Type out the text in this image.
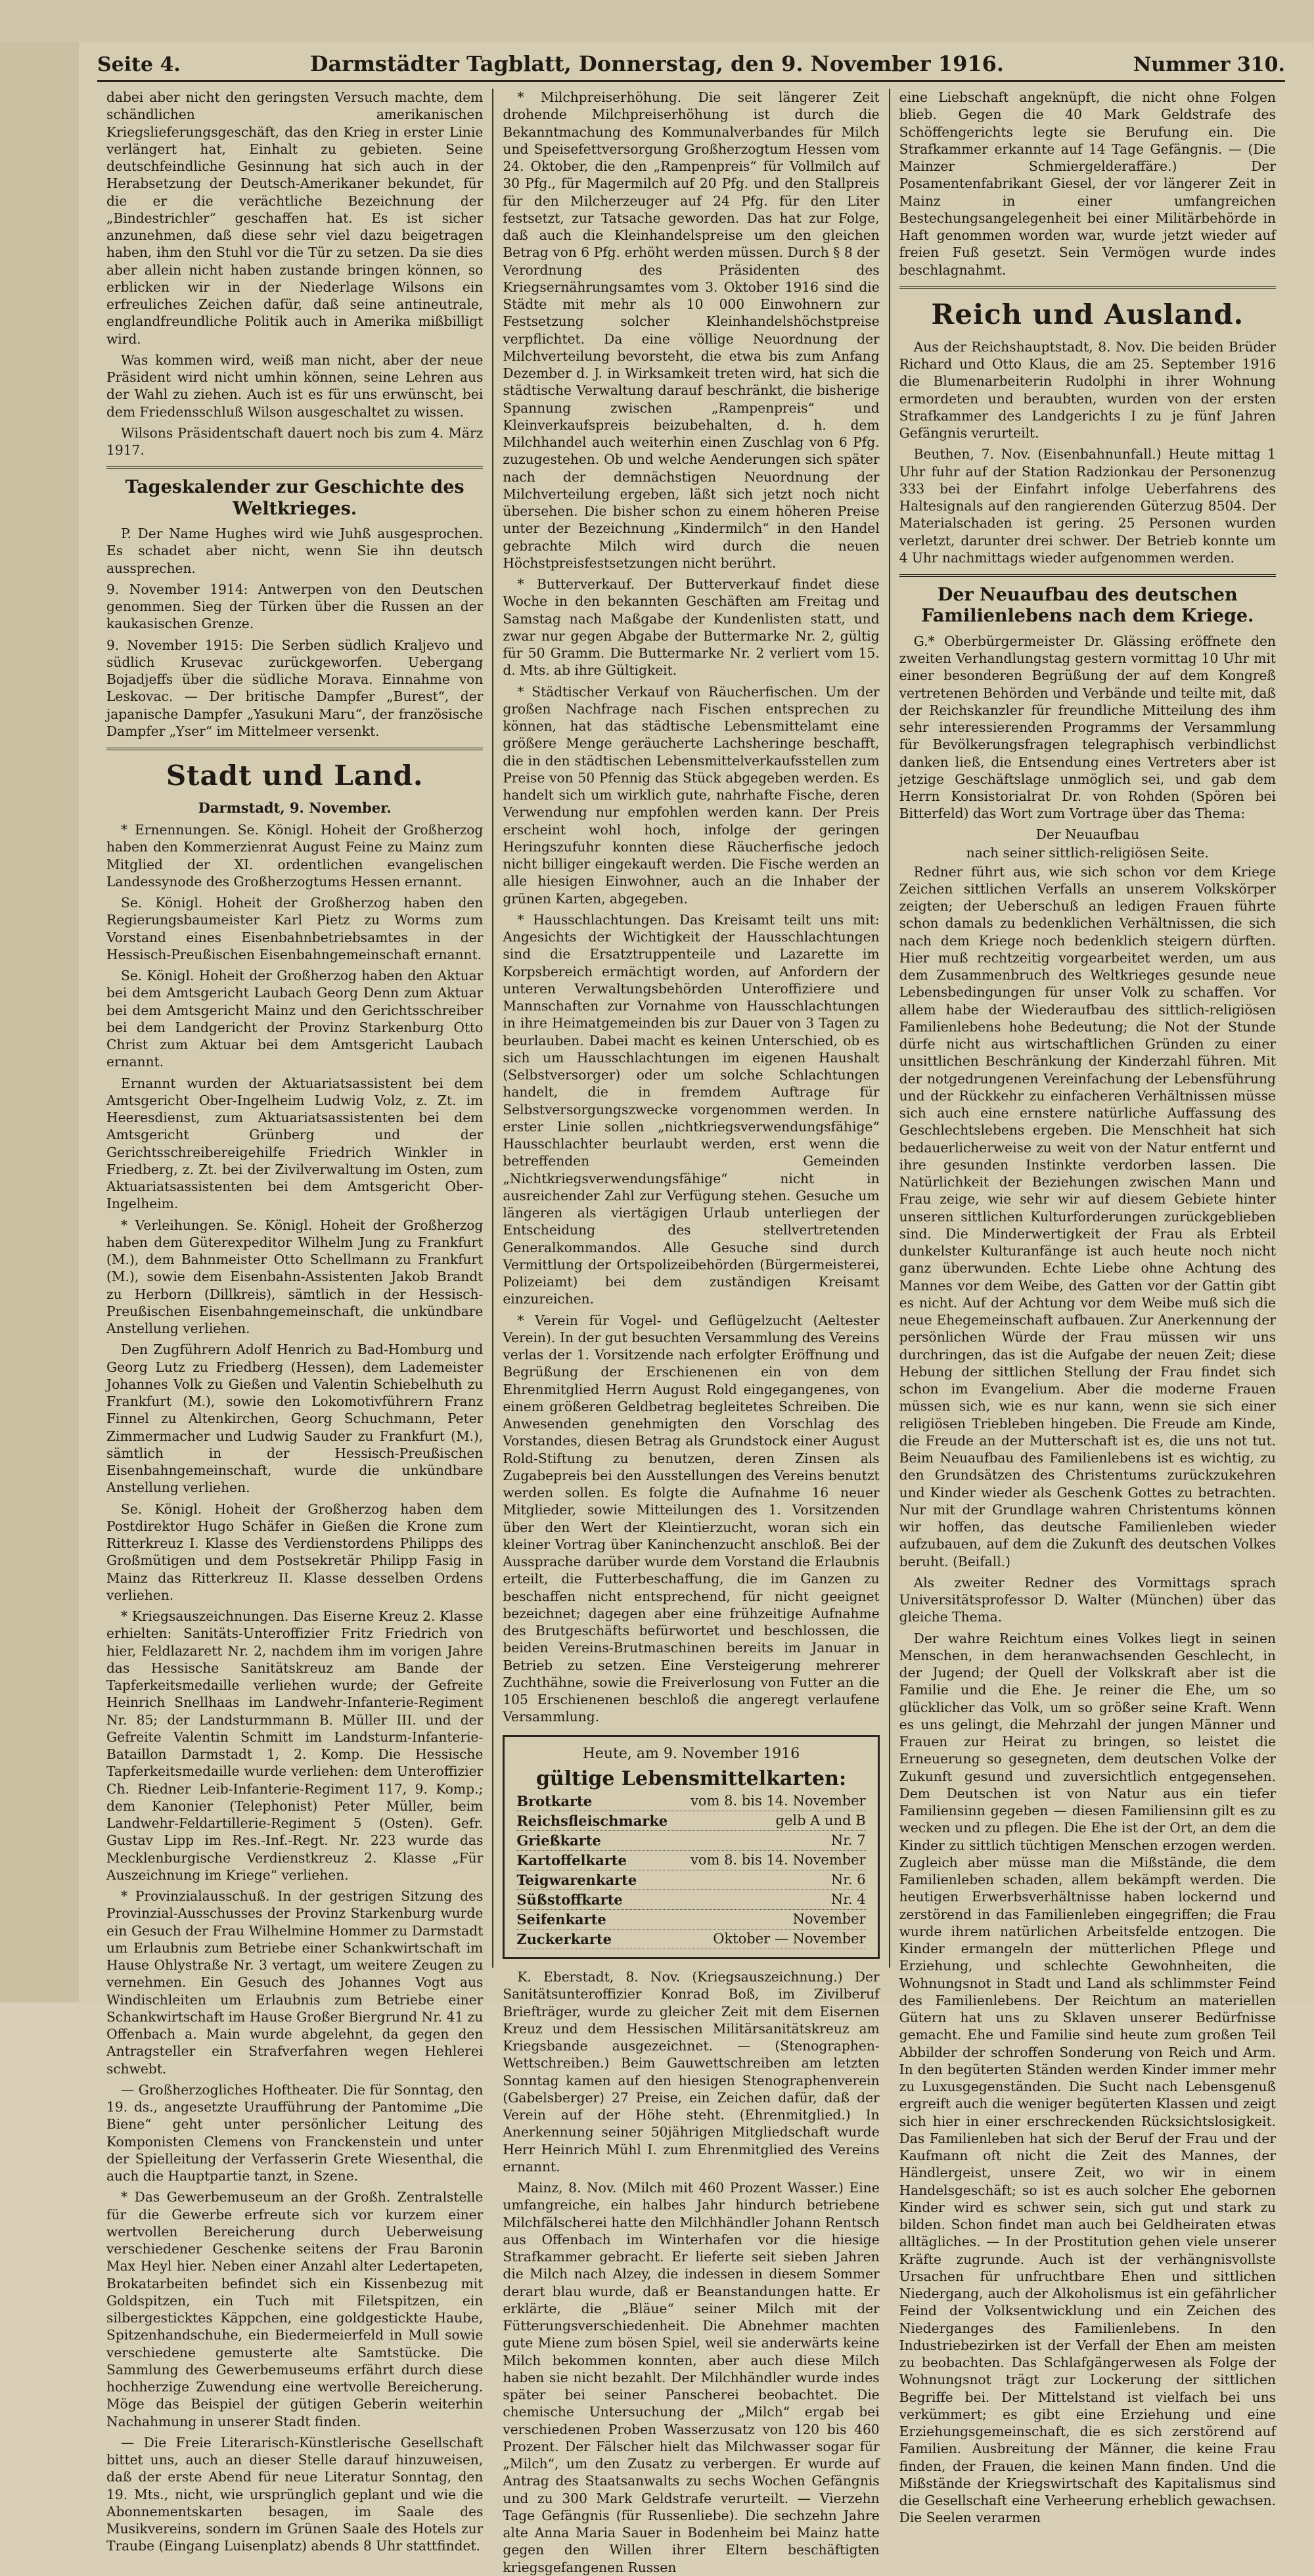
Seite 4.	Darmstädter Tagblatt, Donnerstag, den 9. November 1916.	Nummer 310.

dabei aber nicht den geringsten Versuch machte, dem schändlichen amerikanischen Kriegslieferungsgeschäft, das den Krieg in erster Linie verlängert hat, Einhalt zu gebieten. Seine deutschfeindliche Gesinnung hat sich auch in der Herabsetzung der Deutsch-Amerikaner bekundet, für die er die verächtliche Bezeichnung der „Bindestrichler“ geschaffen hat. Es ist sicher anzunehmen, daß diese sehr viel dazu beigetragen haben, ihm den Stuhl vor die Tür zu setzen. Da sie dies aber allein nicht haben zustande bringen können, so erblicken wir in der Niederlage Wilsons ein erfreuliches Zeichen dafür, daß seine antineutrale, englandfreundliche Politik auch in Amerika mißbilligt wird.

Was kommen wird, weiß man nicht, aber der neue Präsident wird nicht umhin können, seine Lehren aus der Wahl zu ziehen. Auch ist es für uns erwünscht, bei dem Friedensschluß Wilson ausgeschaltet zu wissen.

Wilsons Präsidentschaft dauert noch bis zum 4. März 1917.

Tageskalender zur Geschichte des Weltkrieges.

P. Der Name Hughes wird wie Juhß ausgesprochen. Es schadet aber nicht, wenn Sie ihn deutsch aussprechen.

9. November 1914: Antwerpen von den Deutschen genommen. Sieg der Türken über die Russen an der kaukasischen Grenze.

9. November 1915: Die Serben südlich Kraljevo und südlich Krusevac zurückgeworfen. Uebergang Bojadjeffs über die südliche Morava. Einnahme von Leskovac. — Der britische Dampfer „Burest“, der japanische Dampfer „Yasukuni Maru“, der französische Dampfer „Yser“ im Mittelmeer versenkt.

Stadt und Land.
Darmstadt, 9. November.

* Ernennungen. Se. Königl. Hoheit der Großherzog haben den Kommerzienrat August Feine zu Mainz zum Mitglied der XI. ordentlichen evangelischen Landessynode des Großherzogtums Hessen ernannt.

Se. Königl. Hoheit der Großherzog haben den Regierungsbaumeister Karl Pietz zu Worms zum Vorstand eines Eisenbahnbetriebsamtes in der Hessisch-Preußischen Eisenbahngemeinschaft ernannt.

Se. Königl. Hoheit der Großherzog haben den Aktuar bei dem Amtsgericht Laubach Georg Denn zum Aktuar bei dem Amtsgericht Mainz und den Gerichtsschreiber bei dem Landgericht der Provinz Starkenburg Otto Christ zum Aktuar bei dem Amtsgericht Laubach ernannt.

Ernannt wurden der Aktuariatsassistent bei dem Amtsgericht Ober-Ingelheim Ludwig Volz, z. Zt. im Heeresdienst, zum Aktuariatsassistenten bei dem Amtsgericht Grünberg und der Gerichtsschreibereigehilfe Friedrich Winkler in Friedberg, z. Zt. bei der Zivilverwaltung im Osten, zum Aktuariatsassistenten bei dem Amtsgericht Ober-Ingelheim.

* Verleihungen. Se. Königl. Hoheit der Großherzog haben dem Güterexpeditor Wilhelm Jung zu Frankfurt (M.), dem Bahnmeister Otto Schellmann zu Frankfurt (M.), sowie dem Eisenbahn-Assistenten Jakob Brandt zu Herborn (Dillkreis), sämtlich in der Hessisch-Preußischen Eisenbahngemeinschaft, die unkündbare Anstellung verliehen.

Den Zugführern Adolf Henrich zu Bad-Homburg und Georg Lutz zu Friedberg (Hessen), dem Lademeister Johannes Volk zu Gießen und Valentin Schiebelhuth zu Frankfurt (M.), sowie den Lokomotivführern Franz Finnel zu Altenkirchen, Georg Schuchmann, Peter Zimmermacher und Ludwig Sauder zu Frankfurt (M.), sämtlich in der Hessisch-Preußischen Eisenbahngemeinschaft, wurde die unkündbare Anstellung verliehen.

Se. Königl. Hoheit der Großherzog haben dem Postdirektor Hugo Schäfer in Gießen die Krone zum Ritterkreuz I. Klasse des Verdienstordens Philipps des Großmütigen und dem Postsekretär Philipp Fasig in Mainz das Ritterkreuz II. Klasse desselben Ordens verliehen.

* Kriegsauszeichnungen. Das Eiserne Kreuz 2. Klasse erhielten: Sanitäts-Unteroffizier Fritz Friedrich von hier, Feldlazarett Nr. 2, nachdem ihm im vorigen Jahre das Hessische Sanitätskreuz am Bande der Tapferkeitsmedaille verliehen wurde; der Gefreite Heinrich Snellhaas im Landwehr-Infanterie-Regiment Nr. 85; der Landsturmmann B. Müller III. und der Gefreite Valentin Schmitt im Landsturm-Infanterie-Bataillon Darmstadt 1, 2. Komp. Die Hessische Tapferkeitsmedaille wurde verliehen: dem Unteroffizier Ch. Riedner Leib-Infanterie-Regiment 117, 9. Komp.; dem Kanonier (Telephonist) Peter Müller, beim Landwehr-Feldartillerie-Regiment 5 (Osten). Gefr. Gustav Lipp im Res.-Inf.-Regt. Nr. 223 wurde das Mecklenburgische Verdienstkreuz 2. Klasse „Für Auszeichnung im Kriege“ verliehen.

* Provinzialausschuß. In der gestrigen Sitzung des Provinzial-Ausschusses der Provinz Starkenburg wurde ein Gesuch der Frau Wilhelmine Hommer zu Darmstadt um Erlaubnis zum Betriebe einer Schankwirtschaft im Hause Ohlystraße Nr. 3 vertagt, um weitere Zeugen zu vernehmen. Ein Gesuch des Johannes Vogt aus Windischleiten um Erlaubnis zum Betriebe einer Schankwirtschaft im Hause Großer Biergrund Nr. 41 zu Offenbach a. Main wurde abgelehnt, da gegen den Antragsteller ein Strafverfahren wegen Hehlerei schwebt.

— Großherzogliches Hoftheater. Die für Sonntag, den 19. ds., angesetzte Uraufführung der Pantomime „Die Biene“ geht unter persönlicher Leitung des Komponisten Clemens von Franckenstein und unter der Spielleitung der Verfasserin Grete Wiesenthal, die auch die Hauptpartie tanzt, in Szene.

* Das Gewerbemuseum an der Großh. Zentralstelle für die Gewerbe erfreute sich vor kurzem einer wertvollen Bereicherung durch Ueberweisung verschiedener Geschenke seitens der Frau Baronin Max Heyl hier. Neben einer Anzahl alter Ledertapeten, Brokatarbeiten befindet sich ein Kissenbezug mit Goldspitzen, ein Tuch mit Filetspitzen, ein silbergesticktes Käppchen, eine goldgestickte Haube, Spitzenhandschuhe, ein Biedermeierfeld in Mull sowie verschiedene gemusterte alte Samtstücke. Die Sammlung des Gewerbemuseums erfährt durch diese hochherzige Zuwendung eine wertvolle Bereicherung. Möge das Beispiel der gütigen Geberin weiterhin Nachahmung in unserer Stadt finden.

— Die Freie Literarisch-Künstlerische Gesellschaft bittet uns, auch an dieser Stelle darauf hinzuweisen, daß der erste Abend für neue Literatur Sonntag, den 19. Mts., nicht, wie ursprünglich geplant und wie die Abonnementskarten besagen, im Saale des Musikvereins, sondern im Grünen Saale des Hotels zur Traube (Eingang Luisenplatz) abends 8 Uhr stattfindet.

* Milchpreiserhöhung. Die seit längerer Zeit drohende Milchpreiserhöhung ist durch die Bekanntmachung des Kommunalverbandes für Milch und Speisefettversorgung Großherzogtum Hessen vom 24. Oktober, die den „Rampenpreis“ für Vollmilch auf 30 Pfg., für Magermilch auf 20 Pfg. und den Stallpreis für den Milcherzeuger auf 24 Pfg. für den Liter festsetzt, zur Tatsache geworden. Das hat zur Folge, daß auch die Kleinhandelspreise um den gleichen Betrag von 6 Pfg. erhöht werden müssen. Durch § 8 der Verordnung des Präsidenten des Kriegsernährungsamtes vom 3. Oktober 1916 sind die Städte mit mehr als 10 000 Einwohnern zur Festsetzung solcher Kleinhandelshöchstpreise verpflichtet. Da eine völlige Neuordnung der Milchverteilung bevorsteht, die etwa bis zum Anfang Dezember d. J. in Wirksamkeit treten wird, hat sich die städtische Verwaltung darauf beschränkt, die bisherige Spannung zwischen „Rampenpreis“ und Kleinverkaufspreis beizubehalten, d. h. dem Milchhandel auch weiterhin einen Zuschlag von 6 Pfg. zuzugestehen. Ob und welche Aenderungen sich später nach der demnächstigen Neuordnung der Milchverteilung ergeben, läßt sich jetzt noch nicht übersehen. Die bisher schon zu einem höheren Preise unter der Bezeichnung „Kindermilch“ in den Handel gebrachte Milch wird durch die neuen Höchstpreisfestsetzungen nicht berührt.

* Butterverkauf. Der Butterverkauf findet diese Woche in den bekannten Geschäften am Freitag und Samstag nach Maßgabe der Kundenlisten statt, und zwar nur gegen Abgabe der Buttermarke Nr. 2, gültig für 50 Gramm. Die Buttermarke Nr. 2 verliert vom 15. d. Mts. ab ihre Gültigkeit.

* Städtischer Verkauf von Räucherfischen. Um der großen Nachfrage nach Fischen entsprechen zu können, hat das städtische Lebensmittelamt eine größere Menge geräucherte Lachsheringe beschafft, die in den städtischen Lebensmittelverkaufsstellen zum Preise von 50 Pfennig das Stück abgegeben werden. Es handelt sich um wirklich gute, nahrhafte Fische, deren Verwendung nur empfohlen werden kann. Der Preis erscheint wohl hoch, infolge der geringen Heringszufuhr konnten diese Räucherfische jedoch nicht billiger eingekauft werden. Die Fische werden an alle hiesigen Einwohner, auch an die Inhaber der grünen Karten, abgegeben.

* Hausschlachtungen. Das Kreisamt teilt uns mit: Angesichts der Wichtigkeit der Hausschlachtungen sind die Ersatztruppenteile und Lazarette im Korpsbereich ermächtigt worden, auf Anfordern der unteren Verwaltungsbehörden Unteroffiziere und Mannschaften zur Vornahme von Hausschlachtungen in ihre Heimatgemeinden bis zur Dauer von 3 Tagen zu beurlauben. Dabei macht es keinen Unterschied, ob es sich um Hausschlachtungen im eigenen Haushalt (Selbstversorger) oder um solche Schlachtungen handelt, die in fremdem Auftrage für Selbstversorgungszwecke vorgenommen werden. In erster Linie sollen „nichtkriegsverwendungsfähige“ Hausschlachter beurlaubt werden, erst wenn die betreffenden Gemeinden „Nichtkriegsverwendungsfähige“ nicht in ausreichender Zahl zur Verfügung stehen. Gesuche um längeren als viertägigen Urlaub unterliegen der Entscheidung des stellvertretenden Generalkommandos. Alle Gesuche sind durch Vermittlung der Ortspolizeibehörden (Bürgermeisterei, Polizeiamt) bei dem zuständigen Kreisamt einzureichen.

* Verein für Vogel- und Geflügelzucht (Aeltester Verein). In der gut besuchten Versammlung des Vereins verlas der 1. Vorsitzende nach erfolgter Eröffnung und Begrüßung der Erschienenen ein von dem Ehrenmitglied Herrn August Rold eingegangenes, von einem größeren Geldbetrag begleitetes Schreiben. Die Anwesenden genehmigten den Vorschlag des Vorstandes, diesen Betrag als Grundstock einer August Rold-Stiftung zu benutzen, deren Zinsen als Zugabepreis bei den Ausstellungen des Vereins benutzt werden sollen. Es folgte die Aufnahme 16 neuer Mitglieder, sowie Mitteilungen des 1. Vorsitzenden über den Wert der Kleintierzucht, woran sich ein kleiner Vortrag über Kaninchenzucht anschloß. Bei der Aussprache darüber wurde dem Vorstand die Erlaubnis erteilt, die Futterbeschaffung, die im Ganzen zu beschaffen nicht entsprechend, für nicht geeignet bezeichnet; dagegen aber eine frühzeitige Aufnahme des Brutgeschäfts befürwortet und beschlossen, die beiden Vereins-Brutmaschinen bereits im Januar in Betrieb zu setzen. Eine Versteigerung mehrerer Zuchthähne, sowie die Freiverlosung von Futter an die 105 Erschienenen beschloß die angeregt verlaufene Versammlung.

Heute, am 9. November 1916

gültige Lebensmittelkarten:

Brotkarte	vom 8. bis 14. November
Reichsfleischmarke	gelb A und B
Grießkarte	Nr. 7
Kartoffelkarte	vom 8. bis 14. November
Teigwarenkarte	Nr. 6
Süßstoffkarte	Nr. 4
Seifenkarte	November
Zuckerkarte	Oktober — November

K. Eberstadt, 8. Nov. (Kriegsauszeichnung.) Der Sanitätsunteroffizier Konrad Boß, im Zivilberuf Briefträger, wurde zu gleicher Zeit mit dem Eisernen Kreuz und dem Hessischen Militärsanitätskreuz am Kriegsbande ausgezeichnet. — (Stenographen-Wettschreiben.) Beim Gauwettschreiben am letzten Sonntag kamen auf den hiesigen Stenographenverein (Gabelsberger) 27 Preise, ein Zeichen dafür, daß der Verein auf der Höhe steht. (Ehrenmitglied.) In Anerkennung seiner 50jährigen Mitgliedschaft wurde Herr Heinrich Mühl I. zum Ehrenmitglied des Vereins ernannt.

Mainz, 8. Nov. (Milch mit 460 Prozent Wasser.) Eine umfangreiche, ein halbes Jahr hindurch betriebene Milchfälscherei hatte den Milchhändler Johann Rentsch aus Offenbach im Winterhafen vor die hiesige Strafkammer gebracht. Er lieferte seit sieben Jahren die Milch nach Alzey, die indessen in diesem Sommer derart blau wurde, daß er Beanstandungen hatte. Er erklärte, die „Bläue“ seiner Milch mit der Fütterungsverschiedenheit. Die Abnehmer machten gute Miene zum bösen Spiel, weil sie anderwärts keine Milch bekommen konnten, aber auch diese Milch haben sie nicht bezahlt. Der Milchhändler wurde indes später bei seiner Panscherei beobachtet. Die chemische Untersuchung der „Milch“ ergab bei verschiedenen Proben Wasserzusatz von 120 bis 460 Prozent. Der Fälscher hielt das Milchwasser sogar für „Milch“, um den Zusatz zu verbergen. Er wurde auf Antrag des Staatsanwalts zu sechs Wochen Gefängnis und zu 300 Mark Geldstrafe verurteilt. — Vierzehn Tage Gefängnis (für Russenliebe). Die sechzehn Jahre alte Anna Maria Sauer in Bodenheim bei Mainz hatte gegen den Willen ihrer Eltern beschäftigten kriegsgefangenen Russen

eine Liebschaft angeknüpft, die nicht ohne Folgen blieb. Gegen die 40 Mark Geldstrafe des Schöffengerichts legte sie Berufung ein. Die Strafkammer erkannte auf 14 Tage Gefängnis. — (Die Mainzer Schmiergelderaffäre.) Der Posamentenfabrikant Giesel, der vor längerer Zeit in Mainz in einer umfangreichen Bestechungsangelegenheit bei einer Militärbehörde in Haft genommen worden war, wurde jetzt wieder auf freien Fuß gesetzt. Sein Vermögen wurde indes beschlagnahmt.

Reich und Ausland.

Aus der Reichshauptstadt, 8. Nov. Die beiden Brüder Richard und Otto Klaus, die am 25. September 1916 die Blumenarbeiterin Rudolphi in ihrer Wohnung ermordeten und beraubten, wurden von der ersten Strafkammer des Landgerichts I zu je fünf Jahren Gefängnis verurteilt.

Beuthen, 7. Nov. (Eisenbahnunfall.) Heute mittag 1 Uhr fuhr auf der Station Radzionkau der Personenzug 333 bei der Einfahrt infolge Ueberfahrens des Haltesignals auf den rangierenden Güterzug 8504. Der Materialschaden ist gering. 25 Personen wurden verletzt, darunter drei schwer. Der Betrieb konnte um 4 Uhr nachmittags wieder aufgenommen werden.

Der Neuaufbau des deutschen Familienlebens nach dem Kriege.

G.* Oberbürgermeister Dr. Glässing eröffnete den zweiten Verhandlungstag gestern vormittag 10 Uhr mit einer besonderen Begrüßung der auf dem Kongreß vertretenen Behörden und Verbände und teilte mit, daß der Reichskanzler für freundliche Mitteilung des ihm sehr interessierenden Programms der Versammlung für Bevölkerungsfragen telegraphisch verbindlichst danken ließ, die Entsendung eines Vertreters aber ist jetzige Geschäftslage unmöglich sei, und gab dem Herrn Konsistorialrat Dr. von Rohden (Spören bei Bitterfeld) das Wort zum Vortrage über das Thema:

Der Neuaufbau
nach seiner sittlich-religiösen Seite.

Redner führt aus, wie sich schon vor dem Kriege Zeichen sittlichen Verfalls an unserem Volkskörper zeigten; der Ueberschuß an ledigen Frauen führte schon damals zu bedenklichen Verhältnissen, die sich nach dem Kriege noch bedenklich steigern dürften. Hier muß rechtzeitig vorgearbeitet werden, um aus dem Zusammenbruch des Weltkrieges gesunde neue Lebensbedingungen für unser Volk zu schaffen. Vor allem habe der Wiederaufbau des sittlich-religiösen Familienlebens hohe Bedeutung; die Not der Stunde dürfe nicht aus wirtschaftlichen Gründen zu einer unsittlichen Beschränkung der Kinderzahl führen. Mit der notgedrungenen Vereinfachung der Lebensführung und der Rückkehr zu einfacheren Verhältnissen müsse sich auch eine ernstere natürliche Auffassung des Geschlechtslebens ergeben. Die Menschheit hat sich bedauerlicherweise zu weit von der Natur entfernt und ihre gesunden Instinkte verdorben lassen. Die Natürlichkeit der Beziehungen zwischen Mann und Frau zeige, wie sehr wir auf diesem Gebiete hinter unseren sittlichen Kulturforderungen zurückgeblieben sind. Die Minderwertigkeit der Frau als Erbteil dunkelster Kulturanfänge ist auch heute noch nicht ganz überwunden. Echte Liebe ohne Achtung des Mannes vor dem Weibe, des Gatten vor der Gattin gibt es nicht. Auf der Achtung vor dem Weibe muß sich die neue Ehegemeinschaft aufbauen. Zur Anerkennung der persönlichen Würde der Frau müssen wir uns durchringen, das ist die Aufgabe der neuen Zeit; diese Hebung der sittlichen Stellung der Frau findet sich schon im Evangelium. Aber die moderne Frauen müssen sich, wie es nur kann, wenn sie sich einer religiösen Triebleben hingeben. Die Freude am Kinde, die Freude an der Mutterschaft ist es, die uns not tut. Beim Neuaufbau des Familienlebens ist es wichtig, zu den Grundsätzen des Christentums zurückzukehren und Kinder wieder als Geschenk Gottes zu betrachten. Nur mit der Grundlage wahren Christentums können wir hoffen, das deutsche Familienleben wieder aufzubauen, auf dem die Zukunft des deutschen Volkes beruht. (Beifall.)

Als zweiter Redner des Vormittags sprach Universitätsprofessor D. Walter (München) über das gleiche Thema.

Der wahre Reichtum eines Volkes liegt in seinen Menschen, in dem heranwachsenden Geschlecht, in der Jugend; der Quell der Volkskraft aber ist die Familie und die Ehe. Je reiner die Ehe, um so glücklicher das Volk, um so größer seine Kraft. Wenn es uns gelingt, die Mehrzahl der jungen Männer und Frauen zur Heirat zu bringen, so leistet die Erneuerung so gesegneten, dem deutschen Volke der Zukunft gesund und zuversichtlich entgegensehen. Dem Deutschen ist von Natur aus ein tiefer Familiensinn gegeben — diesen Familiensinn gilt es zu wecken und zu pflegen. Die Ehe ist der Ort, an dem die Kinder zu sittlich tüchtigen Menschen erzogen werden. Zugleich aber müsse man die Mißstände, die dem Familienleben schaden, allem bekämpft werden. Die heutigen Erwerbsverhältnisse haben lockernd und zerstörend in das Familienleben eingegriffen; die Frau wurde ihrem natürlichen Arbeitsfelde entzogen. Die Kinder ermangeln der mütterlichen Pflege und Erziehung, und schlechte Gewohnheiten, die Wohnungsnot in Stadt und Land als schlimmster Feind des Familienlebens. Der Reichtum an materiellen Gütern hat uns zu Sklaven unserer Bedürfnisse gemacht. Ehe und Familie sind heute zum großen Teil Abbilder der schroffen Sonderung von Reich und Arm. In den begüterten Ständen werden Kinder immer mehr zu Luxusgegenständen. Die Sucht nach Lebensgenuß ergreift auch die weniger begüterten Klassen und zeigt sich hier in einer erschreckenden Rücksichtslosigkeit. Das Familienleben hat sich der Beruf der Frau und der Kaufmann oft nicht die Zeit des Mannes, der Händlergeist, unsere Zeit, wo wir in einem Handelsgeschäft; so ist es auch solcher Ehe gebornen Kinder wird es schwer sein, sich gut und stark zu bilden. Schon findet man auch bei Geldheiraten etwas alltägliches. — In der Prostitution gehen viele unserer Kräfte zugrunde. Auch ist der verhängnisvollste Ursachen für unfruchtbare Ehen und sittlichen Niedergang, auch der Alkoholismus ist ein gefährlicher Feind der Volksentwicklung und ein Zeichen des Niederganges des Familienlebens. In den Industriebezirken ist der Verfall der Ehen am meisten zu beobachten. Das Schlafgängerwesen als Folge der Wohnungsnot trägt zur Lockerung der sittlichen Begriffe bei. Der Mittelstand ist vielfach bei uns verkümmert; es gibt eine Erziehung und eine Erziehungsgemeinschaft, die es sich zerstörend auf Familien. Ausbreitung der Männer, die keine Frau finden, der Frauen, die keinen Mann finden. Und die Mißstände der Kriegswirtschaft des Kapitalismus sind die Gesellschaft eine Verheerung erheblich gewachsen. Die Seelen verarmen
